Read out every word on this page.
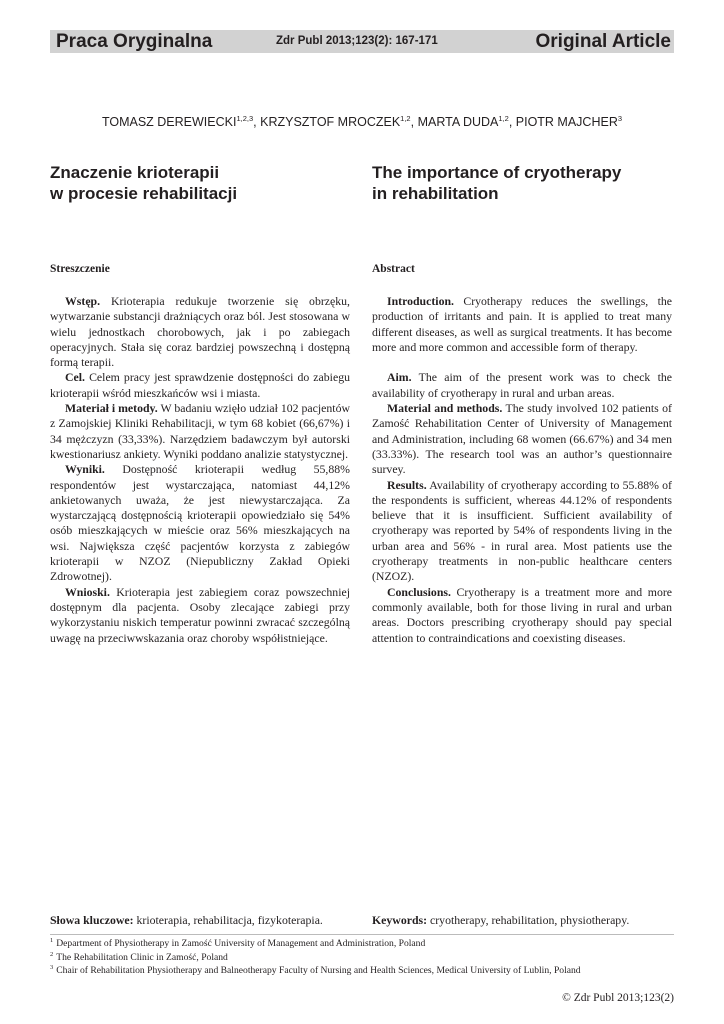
Praca Oryginalna	Zdr Publ 2013;123(2): 167-171	Original Article
TOMASZ DEREWIECKI$^{1,2,3}$, KRZYSZTOF MROCZEK$^{1,2}$, MARTA DUDA$^{1,2}$, PIOTR MAJCHER$^3$
Znaczenie krioterapii
w procesie rehabilitacji
The importance of cryotherapy
in rehabilitation
Streszczenie	Abstract

Wstęp. Krioterapia redukuje tworzenie się obrzęku, wytwarzanie substancji drażniących oraz ból. Jest stosowana w wielu jednostkach chorobowych, jak i po zabiegach operacyjnych. Stała się coraz bardziej powszechną i dostępną formą terapii.

Cel. Celem pracy jest sprawdzenie dostępności do zabiegu krioterapii wśród mieszkańców wsi i miasta.

Materiał i metody. W badaniu wzięło udział 102 pacjentów z Zamojskiej Kliniki Rehabilitacji, w tym 68 kobiet (66,67%) i 34 mężczyzn (33,33%). Narzędziem badawczym był autorski kwestionariusz ankiety. Wyniki poddano analizie statystycznej.

Wyniki. Dostępność krioterapii według 55,88% respondentów jest wystarczająca, natomiast 44,12% ankietowanych uważa, że jest niewystarczająca. Za wystarczającą dostępnością krioterapii opowiedziało się 54% osób mieszkających w mieście oraz 56% mieszkających na wsi. Największa część pacjentów korzysta z zabiegów krioterapii w NZOZ (Niepubliczny Zakład Opieki Zdrowotnej).

Wnioski. Krioterapia jest zabiegiem coraz powszechniej dostępnym dla pacjenta. Osoby zlecające zabiegi przy wykorzystaniu niskich temperatur powinni zwracać szczególną uwagę na przeciwwskazania oraz choroby współistniejące.

Introduction. Cryotherapy reduces the swellings, the production of irritants and pain. It is applied to treat many different diseases, as well as surgical treatments. It has become more and more common and accessible form of therapy.

Aim. The aim of the present work was to check the availability of cryotherapy in rural and urban areas.

Material and methods. The study involved 102 patients of Zamość Rehabilitation Center of University of Management and Administration, including 68 women (66.67%) and 34 men (33.33%). The research tool was an author’s questionnaire survey.

Results. Availability of cryotherapy according to 55.88% of the respondents is sufficient, whereas 44.12% of respondents believe that it is insufficient. Sufficient availability of cryotherapy was reported by 54% of respondents living in the urban area and 56% - in rural area. Most patients use the cryotherapy treatments in non-public healthcare centers (NZOZ).

Conclusions. Cryotherapy is a treatment more and more commonly available, both for those living in rural and urban areas. Doctors prescribing cryotherapy should pay special attention to contraindications and coexisting diseases.

Słowa kluczowe: krioterapia, rehabilitacja, fizykoterapia.	Keywords: cryotherapy, rehabilitation, physiotherapy.
$^1$ Department of Physiotherapy in Zamość University of Management and Administration, Poland
$^2$ The Rehabilitation Clinic in Zamość, Poland
$^3$ Chair of Rehabilitation Physiotherapy and Balneotherapy Faculty of Nursing and Health Sciences, Medical University of Lublin, Poland
© Zdr Publ 2013;123(2)
